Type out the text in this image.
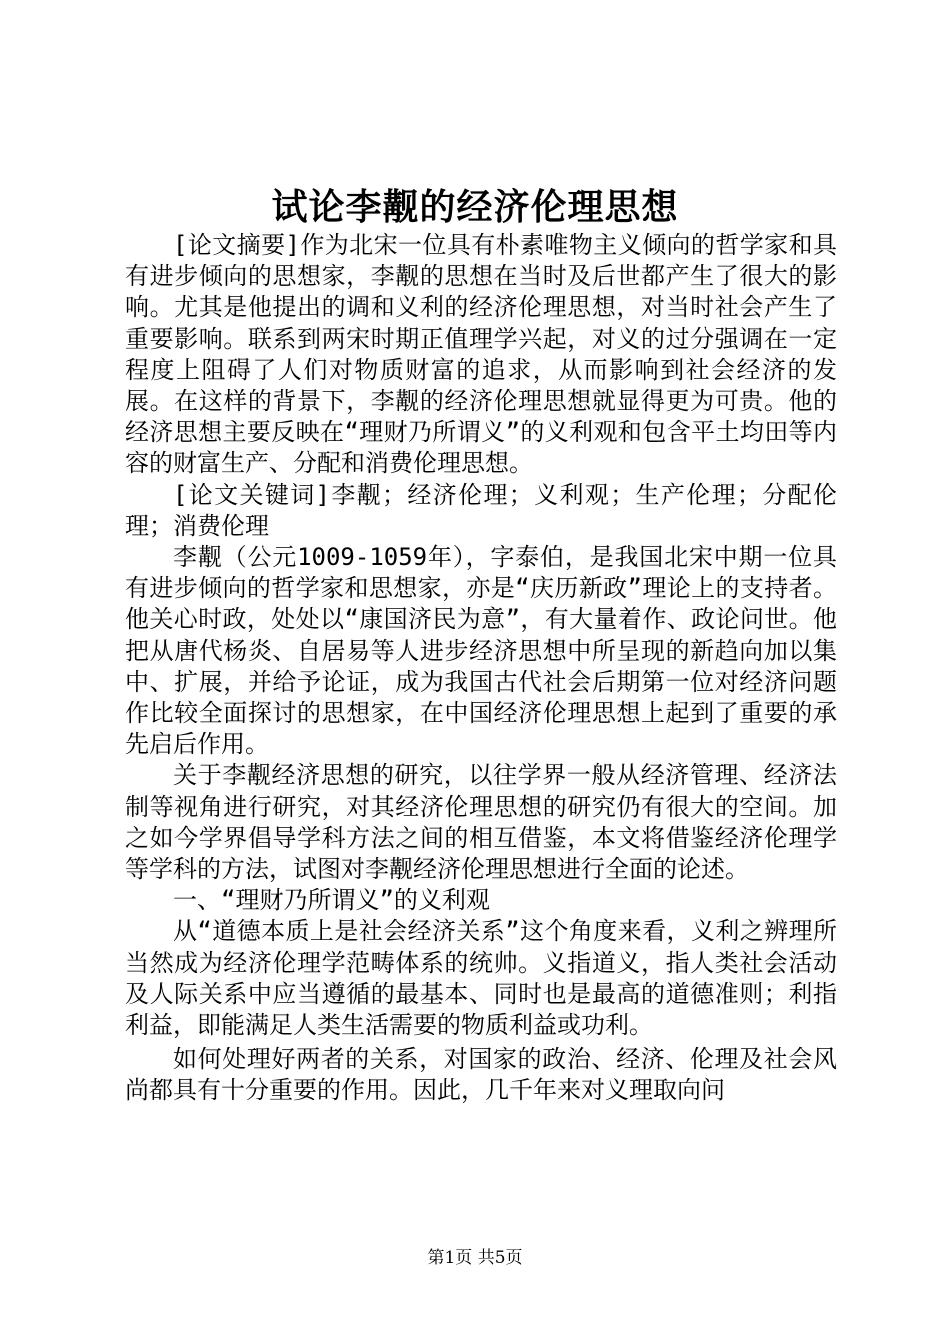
试论李觏的经济伦理思想

[论文摘要]作为北宋一位具有朴素唯物主义倾向的哲学家和具有进步倾向的思想家，李觏的思想在当时及后世都产生了很大的影响。尤其是他提出的调和义利的经济伦理思想，对当时社会产生了重要影响。联系到两宋时期正值理学兴起，对义的过分强调在一定程度上阻碍了人们对物质财富的追求，从而影响到社会经济的发展。在这样的背景下，李觏的经济伦理思想就显得更为可贵。他的经济思想主要反映在“理财乃所谓义”的义利观和包含平土均田等内容的财富生产、分配和消费伦理思想。

[论文关键词]李觏；经济伦理；义利观；生产伦理；分配伦理；消费伦理

李觏（公元1009-1059年），字泰伯，是我国北宋中期一位具有进步倾向的哲学家和思想家，亦是“庆历新政”理论上的支持者。他关心时政，处处以“康国济民为意”，有大量着作、政论问世。他把从唐代杨炎、自居易等人进步经济思想中所呈现的新趋向加以集中、扩展，并给予论证，成为我国古代社会后期第一位对经济问题作比较全面探讨的思想家，在中国经济伦理思想上起到了重要的承先启后作用。

关于李觏经济思想的研究，以往学界一般从经济管理、经济法制等视角进行研究，对其经济伦理思想的研究仍有很大的空间。加之如今学界倡导学科方法之间的相互借鉴，本文将借鉴经济伦理学等学科的方法，试图对李觏经济伦理思想进行全面的论述。

一、“理财乃所谓义”的义利观

从“道德本质上是社会经济关系”这个角度来看，义利之辨理所当然成为经济伦理学范畴体系的统帅。义指道义，指人类社会活动及人际关系中应当遵循的最基本、同时也是最高的道德准则；利指利益，即能满足人类生活需要的物质利益或功利。

如何处理好两者的关系，对国家的政治、经济、伦理及社会风尚都具有十分重要的作用。因此，几千年来对义理取向问

第1页 共5页
